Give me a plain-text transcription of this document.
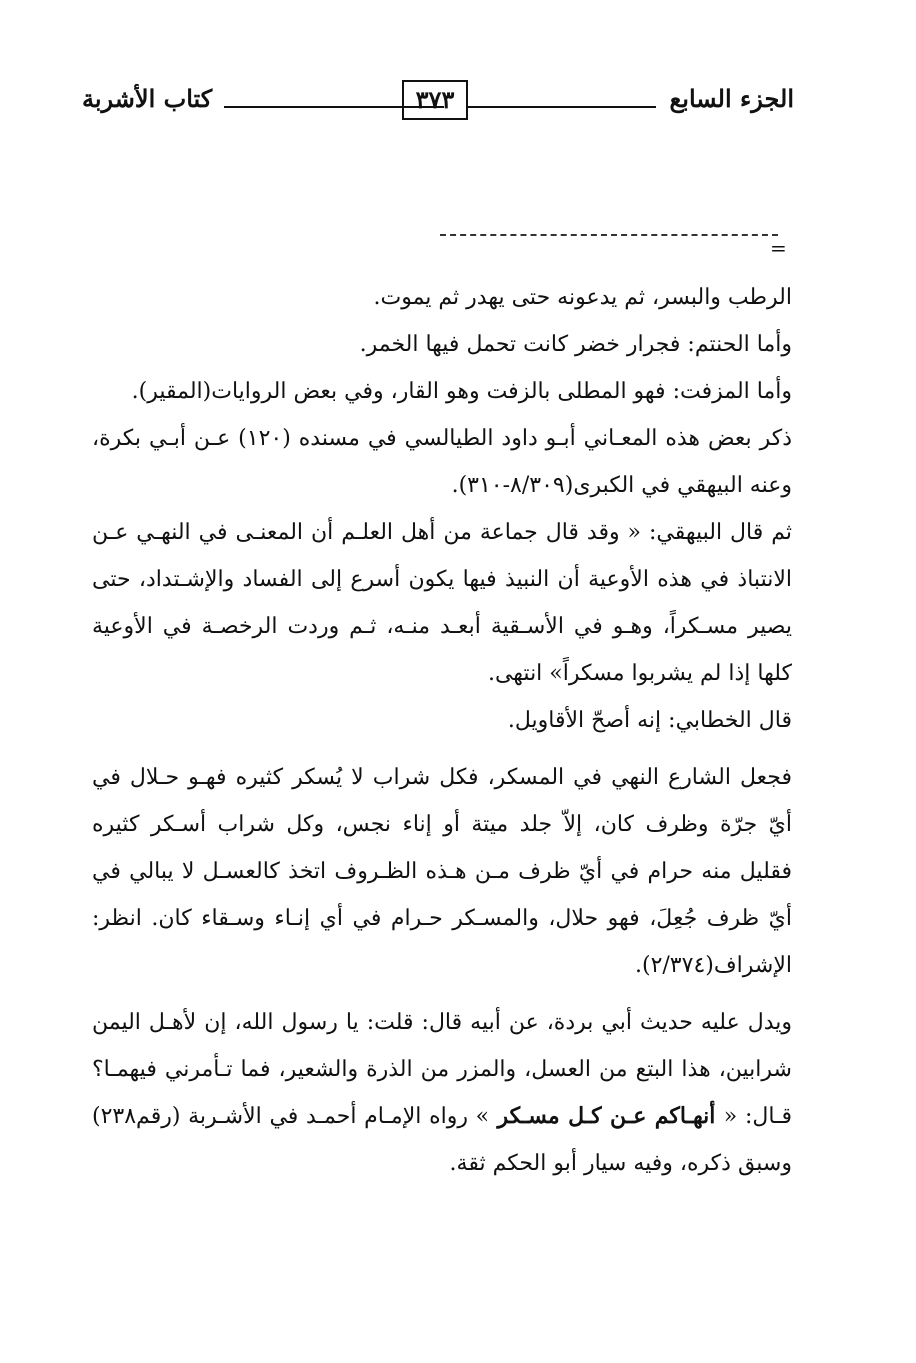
الجزء السابع
٣٧٣
كتاب الأشربة
=

الرطب والبسر، ثم يدعونه حتى يهدر ثم يموت.

وأما الحنتم: فجرار خضر كانت تحمل فيها الخمر.

وأما المزفت: فهو المطلى بالزفت وهو القار، وفي بعض الروايات(المقير).

ذكر بعض هذه المعـاني أبـو داود الطيالسي في مسنده (١٢٠) عـن أبـي بكرة، وعنه البيهقي في الكبرى(٨/٣٠٩-٣١٠).

ثم قال البيهقي: « وقد قال جماعة من أهل العلـم أن المعنـى في النهـي عـن الانتباذ في هذه الأوعية أن النبيذ فيها يكون أسرع إلى الفساد والإشـتداد، حتى يصير مسـكراً، وهـو في الأسـقية أبعـد منـه، ثـم وردت الرخصـة في الأوعية كلها إذا لم يشربوا مسكراً» انتهى.

قال الخطابي: إنه أصحّ الأقاويل.

فجعل الشارع النهي في المسكر، فكل شراب لا يُسكر كثيره فهـو حـلال في أيّ جرّة وظرف كان، إلاّ جلد ميتة أو إناء نجس، وكل شراب أسـكر كثيره فقليل منه حرام في أيّ ظرف مـن هـذه الظـروف اتخذ كالعسـل لا يبالي في أيّ ظرف جُعِلَ، فهو حلال، والمسـكر حـرام في أي إنـاء وسـقاء كان. انظر: الإشراف(٢/٣٧٤).

ويدل عليه حديث أبي بردة، عن أبيه قال: قلت: يا رسول الله، إن لأهـل اليمن شرابين، هذا البتع من العسل، والمزر من الذرة والشعير، فما تـأمرني فيهمـا؟ قـال: « أنهـاكم عـن كـل مسـكر » رواه الإمـام أحمـد في الأشـربة (رقم٢٣٨) وسبق ذكره، وفيه سيار أبو الحكم ثقة.
